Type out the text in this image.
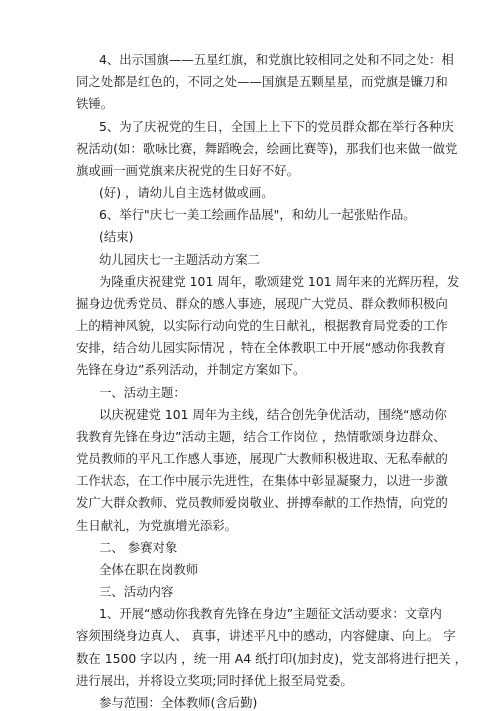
4、出示国旗——五星红旗，和党旗比较相同之处和不同之处：相
同之处都是红色的，不同之处——国旗是五颗星星，而党旗是镰刀和
铁锤。
5、为了庆祝党的生日，全国上上下下的党员群众都在举行各种庆
祝活动(如：歌咏比赛，舞蹈晚会，绘画比赛等)，那我们也来做一做党
旗或画一画党旗来庆祝党的生日好不好。
(好) ，请幼儿自主选材做或画。
6、举行"庆七一美工绘画作品展"，和幼儿一起张贴作品。
(结束)
幼儿园庆七一主题活动方案二
为隆重庆祝建党 101 周年，歌颂建党 101 周年来的光辉历程，发
掘身边优秀党员、群众的感人事迹，展现广大党员、群众教师积极向
上的精神风貌，以实际行动向党的生日献礼，根据教育局党委的工作
安排，结合幼儿园实际情况 ，特在全体教职工中开展“感动你我教育
先锋在身边”系列活动，并制定方案如下。
一、活动主题：
以庆祝建党 101 周年为主线，结合创先争优活动，围绕“感动你
我教育先锋在身边”活动主题，结合工作岗位 ，热情歌颂身边群众、
党员教师的平凡工作感人事迹，展现广大教师积极进取、无私奉献的
工作状态，在工作中展示先进性，在集体中彰显凝聚力，以进一步激
发广大群众教师、党员教师爱岗敬业、拼搏奉献的工作热情，向党的
生日献礼，为党旗增光添彩。
二、 参赛对象
全体在职在岗教师
三、活动内容
1、开展“感动你我教育先锋在身边”主题征文活动要求：文章内
容须围绕身边真人、 真事，讲述平凡中的感动，内容健康、向上。 字
数在 1500 字以内 ，统一用 A4 纸打印(加封皮)，党支部将进行把关 ，
进行展出，并将设立奖项;同时择优上报至局党委。
参与范围：全体教师(含后勤)
